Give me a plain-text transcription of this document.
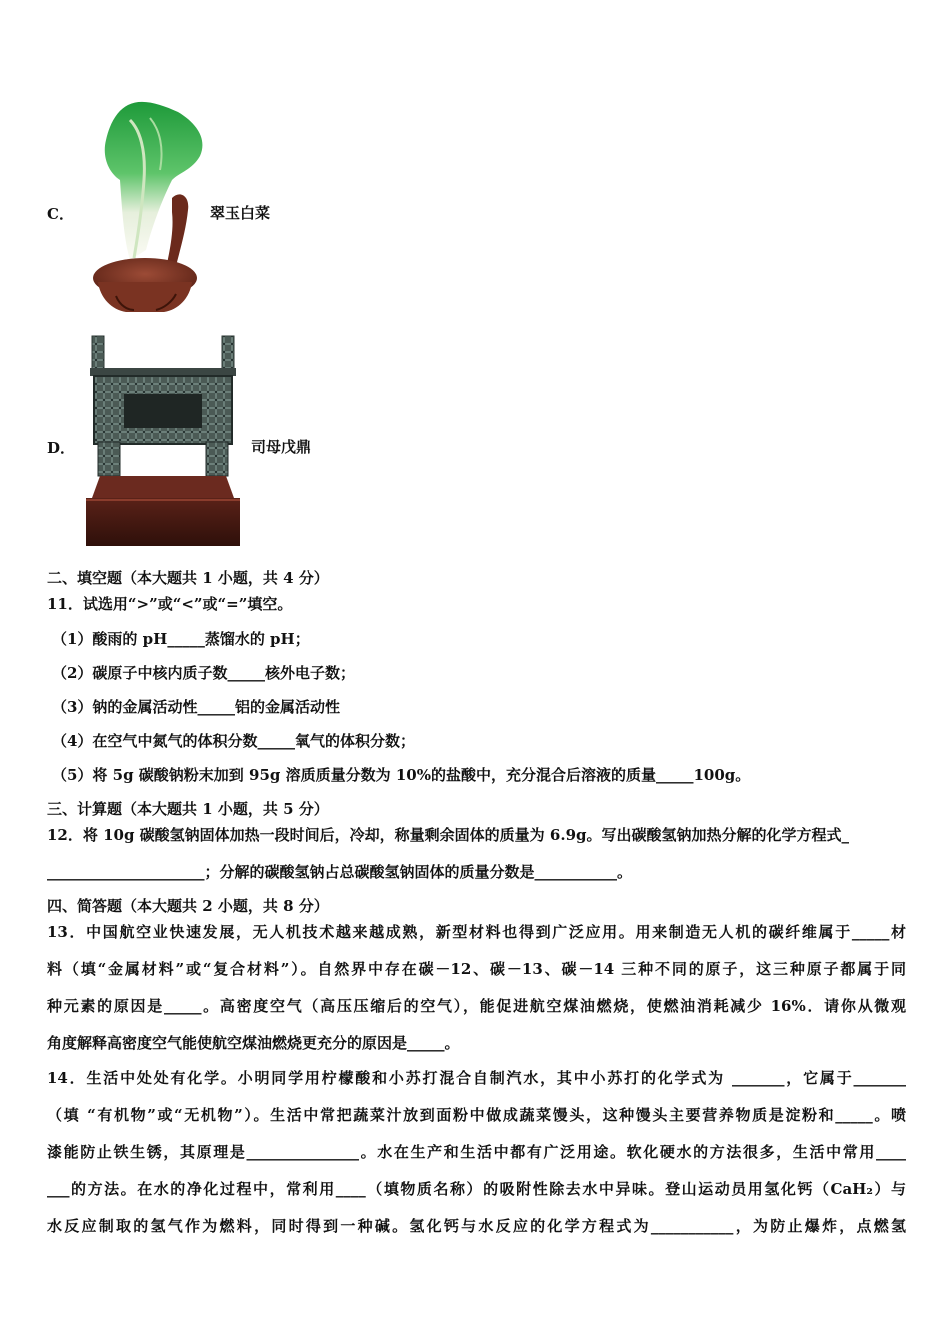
C．	翠玉白菜
D．	司母戊鼎
二、填空题（本大题共 1 小题，共 4 分）
11．试选用“>”或“<”或“=”填空。
（1）酸雨的 pH_____蒸馏水的 pH；
（2）碳原子中核内质子数_____核外电子数；
（3）钠的金属活动性_____铝的金属活动性
（4）在空气中氮气的体积分数_____氧气的体积分数；
（5）将 5g 碳酸钠粉末加到 95g 溶质质量分数为 10%的盐酸中，充分混合后溶液的质量_____100g。
三、计算题（本大题共 1 小题，共 5 分）
12．将 10g 碳酸氢钠固体加热一段时间后，冷却，称量剩余固体的质量为 6.9g。写出碳酸氢钠加热分解的化学方程式_
_____________________；分解的碳酸氢钠占总碳酸氢钠固体的质量分数是___________。
四、简答题（本大题共 2 小题，共 8 分）
13．中国航空业快速发展，无人机技术越来越成熟，新型材料也得到广泛应用。用来制造无人机的碳纤维属于_____材
料（填“金属材料”或“复合材料”）。自然界中存在碳－12、碳－13、碳－14 三种不同的原子，这三种原子都属于同
种元素的原因是_____。高密度空气（高压压缩后的空气），能促进航空煤油燃烧，使燃油消耗减少 16%．请你从微观
角度解释高密度空气能使航空煤油燃烧更充分的原因是_____。
14．生活中处处有化学。小明同学用柠檬酸和小苏打混合自制汽水，其中小苏打的化学式为 _______，它属于_______
（填 “有机物”或“无机物”）。生活中常把蔬菜汁放到面粉中做成蔬菜馒头，这种馒头主要营养物质是淀粉和_____。喷
漆能防止铁生锈，其原理是_______________。水在生产和生活中都有广泛用途。软化硬水的方法很多，生活中常用____
___的方法。在水的净化过程中，常利用____（填物质名称）的吸附性除去水中异味。登山运动员用氢化钙（CaH₂）与
水反应制取的氢气作为燃料，同时得到一种碱。氢化钙与水反应的化学方程式为___________，为防止爆炸，点燃氢
